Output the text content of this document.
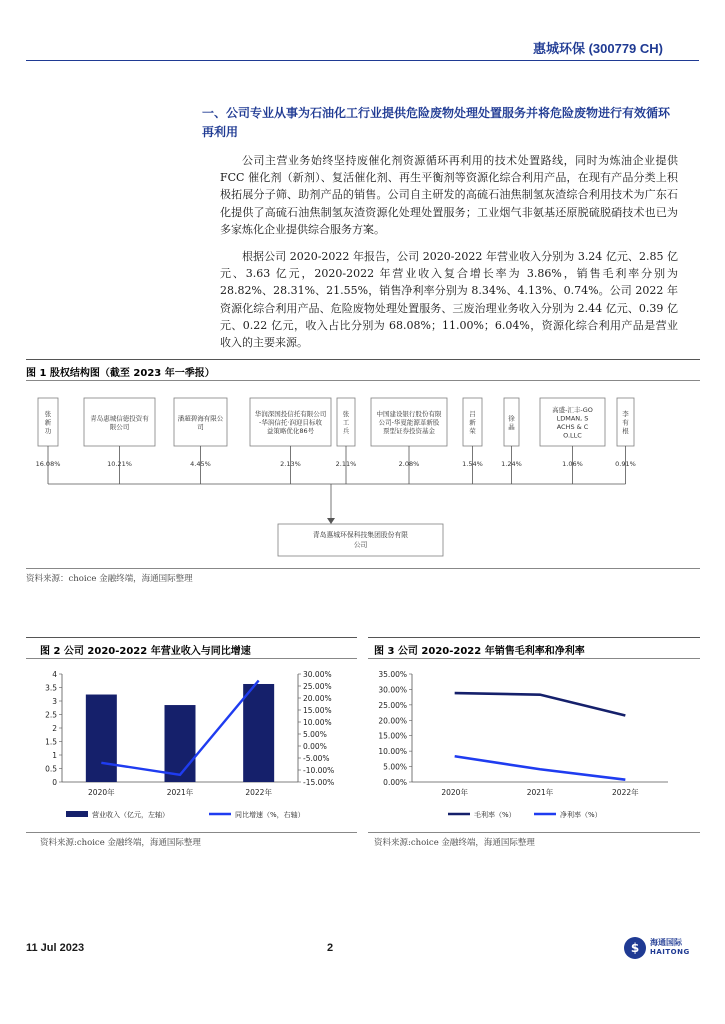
惠城环保 (300779 CH)
一、公司专业从事为石油化工行业提供危险废物处理处置服务并将危险废物进行有效循环再利用

公司主营业务始终坚持废催化剂资源循环再利用的技术处置路线，同时为炼油企业提供 FCC 催化剂（新剂）、复活催化剂、再生平衡剂等资源化综合利用产品，在现有产品分类上积极拓展分子筛、助剂产品的销售。公司自主研发的高硫石油焦制氢灰渣综合利用技术为广东石化提供了高硫石油焦制氢灰渣资源化处理处置服务；工业烟气非氨基还原脱硫脱硝技术也已为多家炼化企业提供综合服务方案。

根据公司 2020-2022 年报告，公司 2020-2022 年营业收入分别为 3.24 亿元、2.85 亿元、3.63 亿元，2020-2022 年营业收入复合增长率为 3.86%，销售毛利率分别为 28.82%、28.31%、21.55%，销售净利率分别为 8.34%、4.13%、0.74%。公司 2022 年资源化综合利用产品、危险废物处理处置服务、三废治理业务收入分别为 2.44 亿元、0.39 亿元、0.22 亿元，收入占比分别为 68.08%；11.00%；6.04%，资源化综合利用产品是营业收入的主要来源。

图 1 股权结构图（截至 2023 年一季报）
张新功
16.08%
青岛惠城信德投资有限公司
10.21%
潘超碧海有限公司
4.45%
华润深国投信托有限公司-华润信托·润迎目标收益策略优化86号
2.13%
张工兵
2.11%
中国建设银行股份有限公司-华夏能源革新股票型证券投资基金
2.08%
吕新荣
1.54%
徐晶
1.24%
高盛-汇丰-GO LDMAN, S ACHS & C O.LLC
1.06%
李有根
0.91%
青岛惠城环保科技集团股份有限公司
资料来源：choice 金融终端，海通国际整理
图 2 公司 2020-2022 年营业收入与同比增速
4
3.5
3
2.5
2
1.5
1
0.5
0
30.00%
25.00%
20.00%
15.00%
10.00%
5.00%
0.00%
-5.00%
-10.00%
-15.00%
2020年	2021年	2022年
营业收入（亿元，左轴）	同比增速（%，右轴）
资料来源:choice 金融终端，海通国际整理
图 3 公司 2020-2022 年销售毛利率和净利率
35.00%
30.00%
25.00%
20.00%
15.00%
10.00%
5.00%
0.00%
2020年	2021年	2022年
毛利率（%）	净利率（%）
资料来源:choice 金融终端，海通国际整理
11 Jul 2023	2	$	海通国际
HAITONG
